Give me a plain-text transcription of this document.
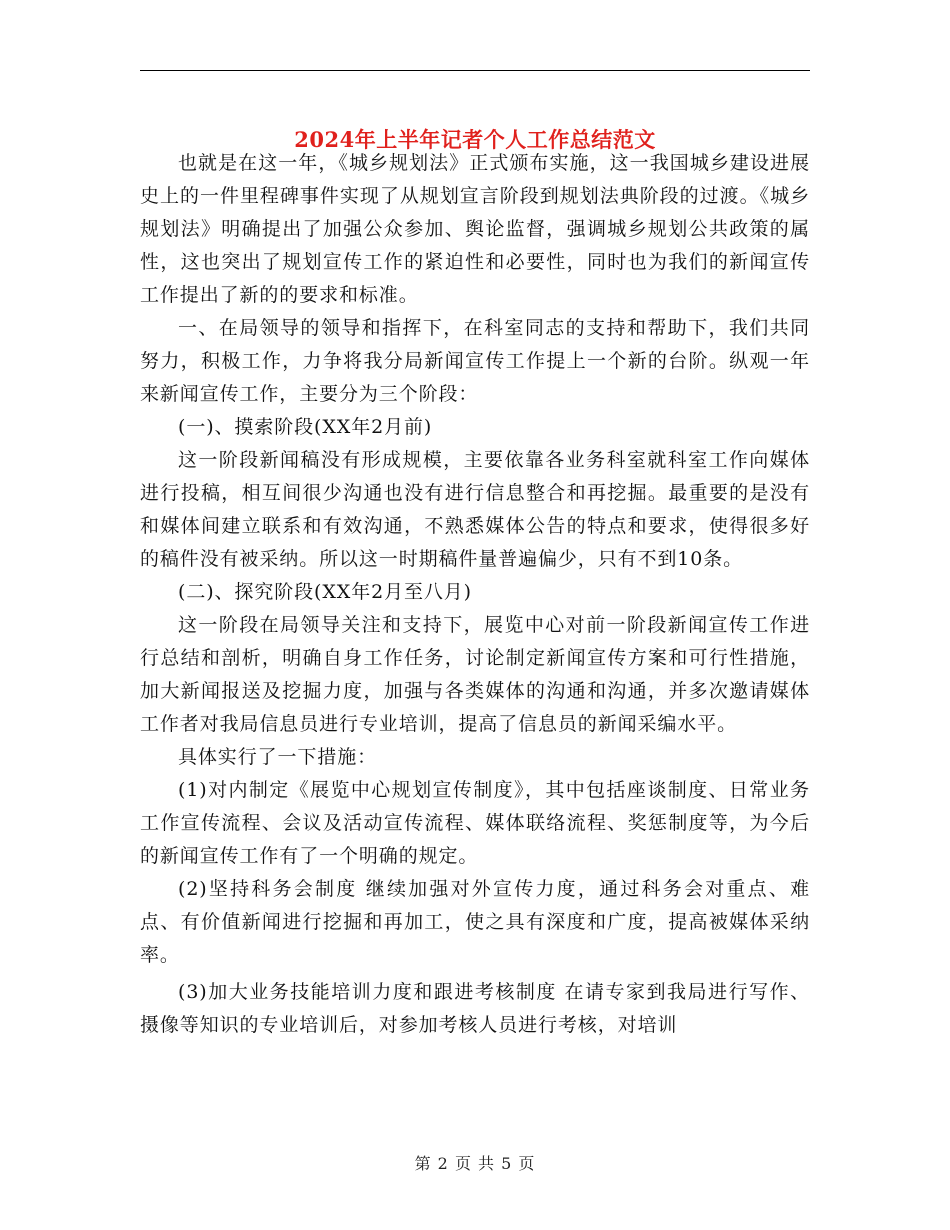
2024年上半年记者个人工作总结范文

也就是在这一年，《城乡规划法》正式颁布实施，这一我国城乡建设进展史上的一件里程碑事件实现了从规划宣言阶段到规划法典阶段的过渡。《城乡规划法》明确提出了加强公众参加、舆论监督，强调城乡规划公共政策的属性，这也突出了规划宣传工作的紧迫性和必要性，同时也为我们的新闻宣传工作提出了新的的要求和标准。

一、在局领导的领导和指挥下，在科室同志的支持和帮助下，我们共同努力，积极工作，力争将我分局新闻宣传工作提上一个新的台阶。纵观一年来新闻宣传工作，主要分为三个阶段：

(一)、摸索阶段(XX年2月前)

这一阶段新闻稿没有形成规模，主要依靠各业务科室就科室工作向媒体进行投稿，相互间很少沟通也没有进行信息整合和再挖掘。最重要的是没有和媒体间建立联系和有效沟通，不熟悉媒体公告的特点和要求，使得很多好的稿件没有被采纳。所以这一时期稿件量普遍偏少，只有不到10条。

(二)、探究阶段(XX年2月至八月)

这一阶段在局领导关注和支持下，展览中心对前一阶段新闻宣传工作进行总结和剖析，明确自身工作任务，讨论制定新闻宣传方案和可行性措施，加大新闻报送及挖掘力度，加强与各类媒体的沟通和沟通，并多次邀请媒体工作者对我局信息员进行专业培训，提高了信息员的新闻采编水平。

具体实行了一下措施：

(1)对内制定《展览中心规划宣传制度》，其中包括座谈制度、日常业务工作宣传流程、会议及活动宣传流程、媒体联络流程、奖惩制度等，为今后的新闻宣传工作有了一个明确的规定。

(2)坚持科务会制度 继续加强对外宣传力度，通过科务会对重点、难点、有价值新闻进行挖掘和再加工，使之具有深度和广度，提高被媒体采纳率。

(3)加大业务技能培训力度和跟进考核制度 在请专家到我局进行写作、摄像等知识的专业培训后，对参加考核人员进行考核，对培训

第 2 页 共 5 页
